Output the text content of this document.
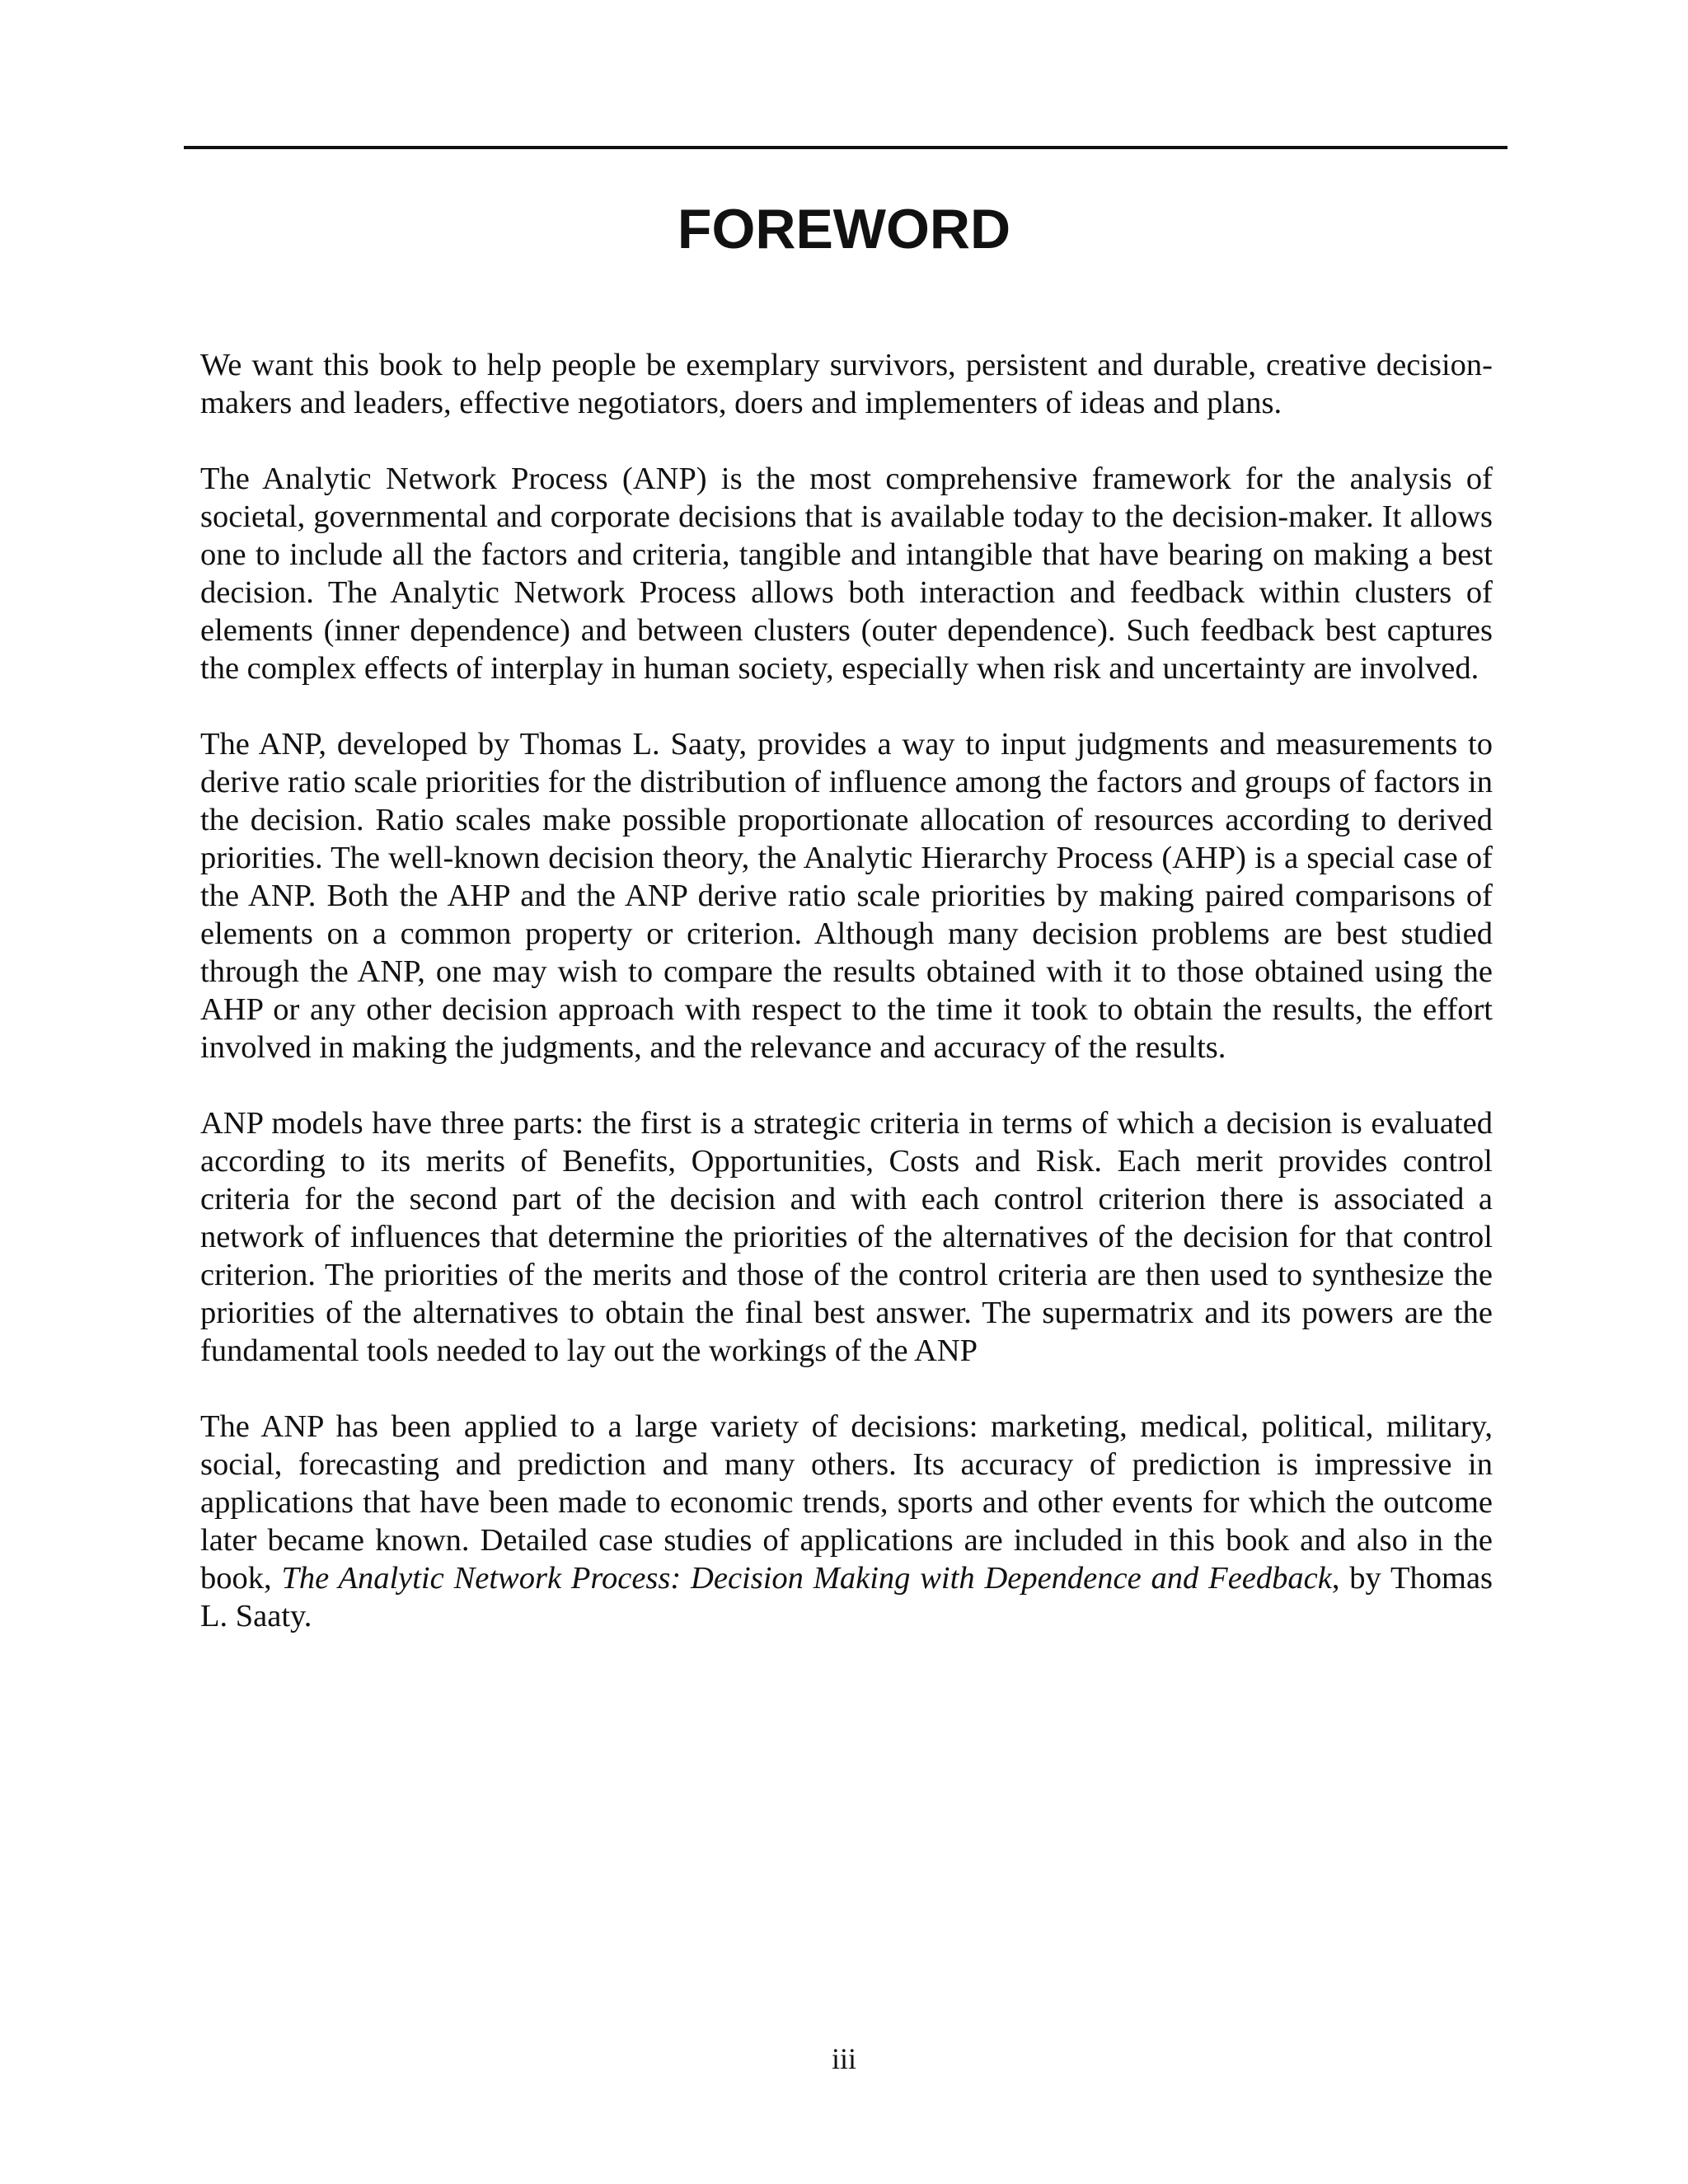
FOREWORD

We want this book to help people be exemplary survivors, persistent and durable, creative decision-makers and leaders, effective negotiators, doers and implementers of ideas and plans.

The Analytic Network Process (ANP) is the most comprehensive framework for the analysis of societal, governmental and corporate decisions that is available today to the decision-maker. It allows one to include all the factors and criteria, tangible and intangible that have bearing on making a best decision. The Analytic Network Process allows both interaction and feedback within clusters of elements (inner dependence) and between clusters (outer dependence). Such feedback best captures the complex effects of interplay in human society, especially when risk and uncertainty are involved.

The ANP, developed by Thomas L. Saaty, provides a way to input judgments and measurements to derive ratio scale priorities for the distribution of influence among the factors and groups of factors in the decision. Ratio scales make possible proportionate allocation of resources according to derived priorities. The well-known decision theory, the Analytic Hierarchy Process (AHP) is a special case of the ANP. Both the AHP and the ANP derive ratio scale priorities by making paired comparisons of elements on a common property or criterion. Although many decision problems are best studied through the ANP, one may wish to compare the results obtained with it to those obtained using the AHP or any other decision approach with respect to the time it took to obtain the results, the effort involved in making the judgments, and the relevance and accuracy of the results.

ANP models have three parts: the first is a strategic criteria in terms of which a decision is evaluated according to its merits of Benefits, Opportunities, Costs and Risk. Each merit provides control criteria for the second part of the decision and with each control criterion there is associated a network of influences that determine the priorities of the alternatives of the decision for that control criterion. The priorities of the merits and those of the control criteria are then used to synthesize the priorities of the alternatives to obtain the final best answer. The supermatrix and its powers are the fundamental tools needed to lay out the workings of the ANP

The ANP has been applied to a large variety of decisions: marketing, medical, political, military, social, forecasting and prediction and many others. Its accuracy of prediction is impressive in applications that have been made to economic trends, sports and other events for which the outcome later became known. Detailed case studies of applications are included in this book and also in the book, The Analytic Network Process: Decision Making with Dependence and Feedback, by Thomas L. Saaty.

iii
